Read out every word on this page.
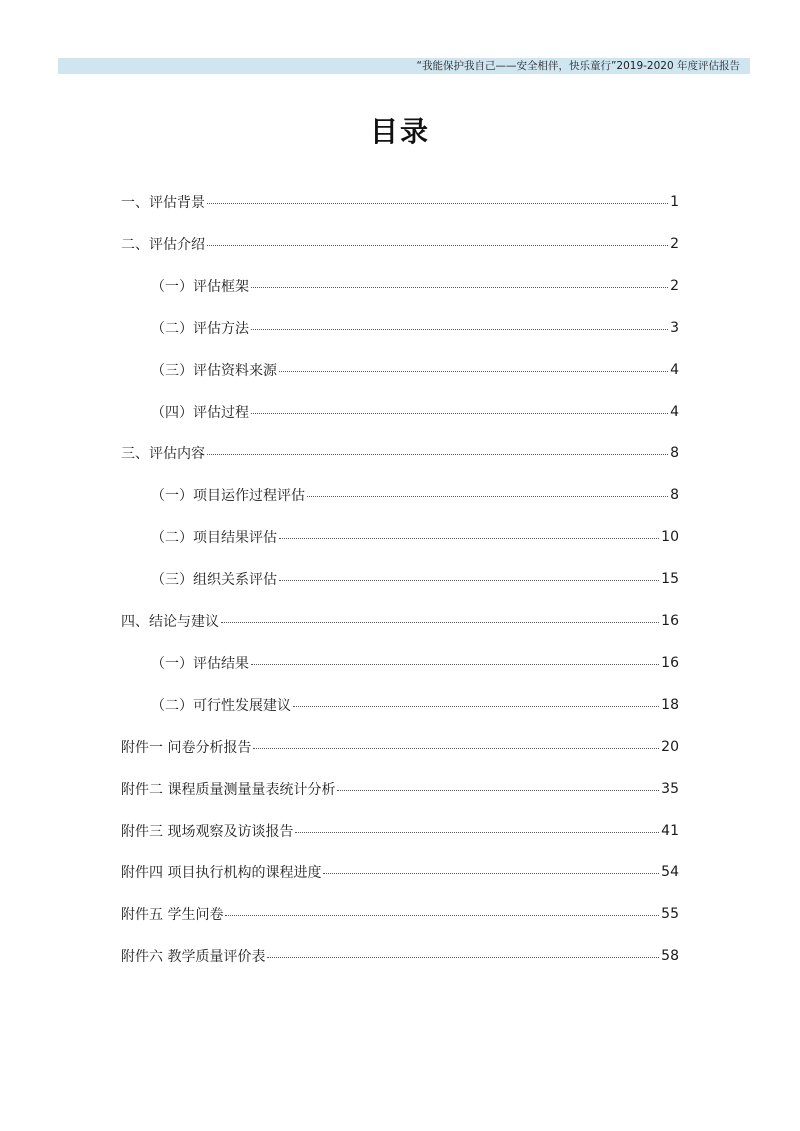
“我能保护我自己——安全相伴，快乐童行”2019-2020 年度评估报告
目录
一、评估背景	1
二、评估介绍	2
（一）评估框架	2
（二）评估方法	3
（三）评估资料来源	4
（四）评估过程	4
三、评估内容	8
（一）项目运作过程评估	8
（二）项目结果评估	10
（三）组织关系评估	15
四、结论与建议	16
（一）评估结果	16
（二）可行性发展建议	18
附件一 问卷分析报告	20
附件二 课程质量测量量表统计分析	35
附件三 现场观察及访谈报告	41
附件四 项目执行机构的课程进度	54
附件五 学生问卷	55
附件六 教学质量评价表	58
